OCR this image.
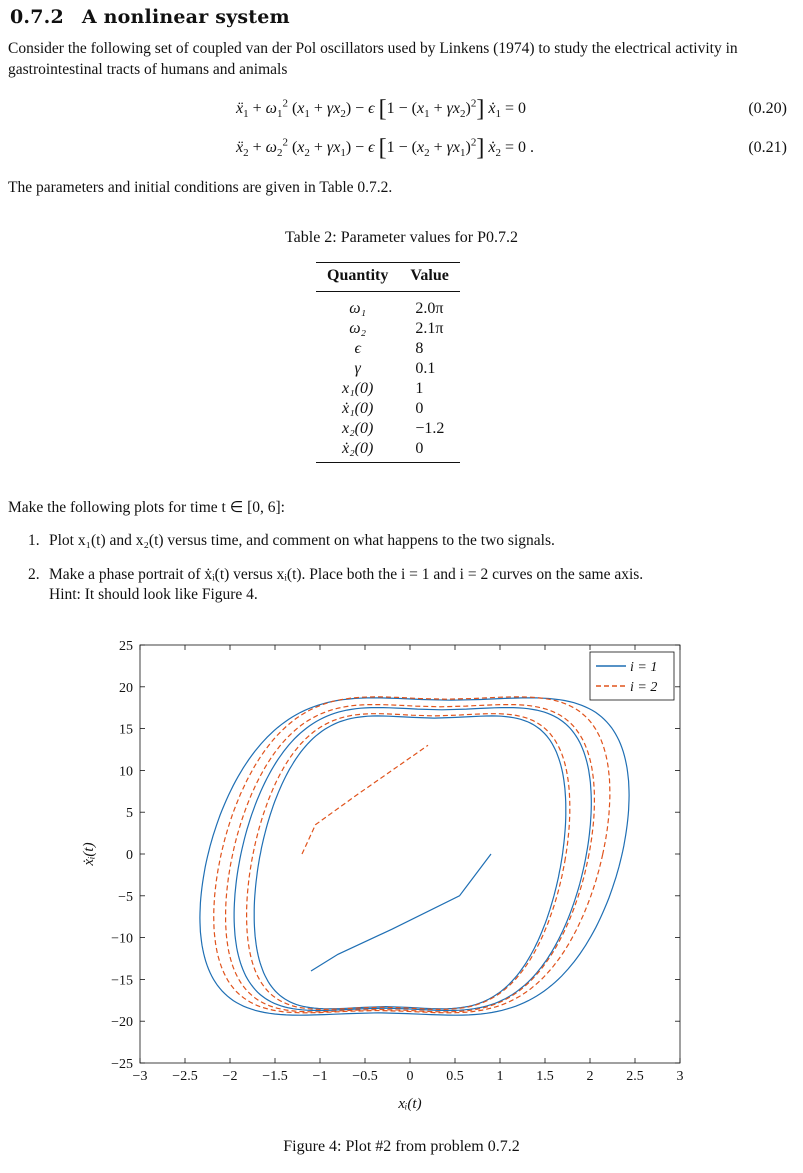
0.7.2 A nonlinear system
Consider the following set of coupled van der Pol oscillators used by Linkens (1974) to study the electrical activity in gastrointestinal tracts of humans and animals
ẍ$_1$ + $\omega_1^2$ $(x_1 + \gamma x_2) - \epsilon$ $[1 - (x_1 + \gamma x_2)^2]$ ẋ$_1$ = 0	(0.20)
ẍ$_2$ + $\omega_2^2$ $(x_2 + \gamma x_1) - \epsilon$ $[1 - (x_2 + \gamma x_1)^2]$ ẋ$_2$ = 0 .	(0.21)
The parameters and initial conditions are given in Table 0.7.2.
Table 2: Parameter values for P0.7.2
Quantity	Value
ω₁	2.0π
ω₂	2.1π
ϵ	8
γ	0.1
x₁(0)	1
ẋ₁(0)	0
x₂(0)	−1.2
ẋ₂(0)	0
Make the following plots for time t ∈ [0, 6]:
1. Plot x₁(t) and x₂(t) versus time, and comment on what happens to the two signals.
2. Make a phase portrait of ẋᵢ(t) versus xᵢ(t). Place both the i = 1 and i = 2 curves on the same axis.
Hint: It should look like Figure 4.
−3 −2.5 −2 −1.5 −1 −0.5 0 0.5 1 1.5 2 2.5 3
−25
−20
−15
−10
−5
0
5
10
15
20
25
xᵢ(t)
ẋᵢ(t)
i = 1
i = 2
Figure 4: Plot #2 from problem 0.7.2
